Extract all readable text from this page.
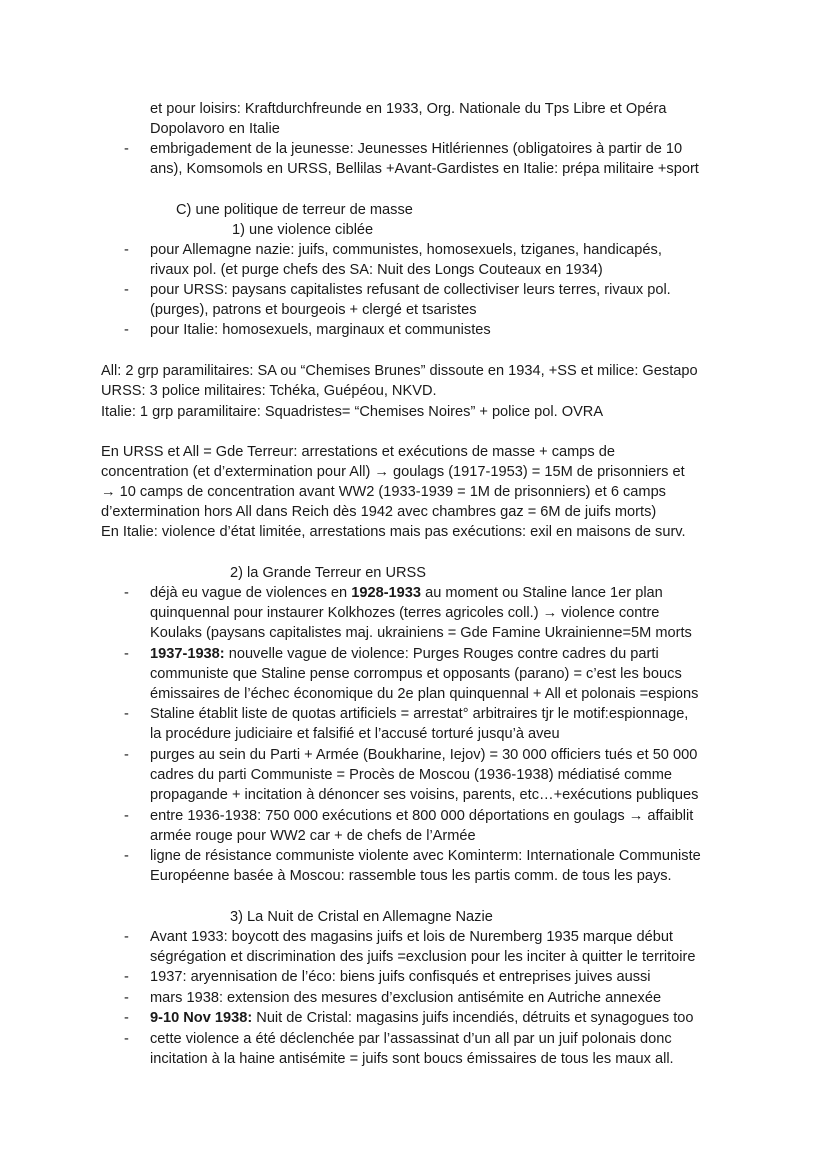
et pour loisirs: Kraftdurchfreunde en 1933, Org. Nationale du Tps Libre et Opéra
Dopolavoro en Italie
- embrigadement de la jeunesse: Jeunesses Hitlériennes (obligatoires à partir de 10
ans), Komsomols en URSS, Bellilas +Avant-Gardistes en Italie: prépa militaire +sport
C) une politique de terreur de masse
1) une violence ciblée
- pour Allemagne nazie: juifs, communistes, homosexuels, tziganes, handicapés,
rivaux pol. (et purge chefs des SA: Nuit des Longs Couteaux en 1934)
- pour URSS: paysans capitalistes refusant de collectiviser leurs terres, rivaux pol.
(purges), patrons et bourgeois + clergé et tsaristes
- pour Italie: homosexuels, marginaux et communistes
All: 2 grp paramilitaires: SA ou “Chemises Brunes” dissoute en 1934, +SS et milice: Gestapo
URSS: 3 police militaires: Tchéka, Guépéou, NKVD.
Italie: 1 grp paramilitaire: Squadristes= “Chemises Noires” + police pol. OVRA
En URSS et All = Gde Terreur: arrestations et exécutions de masse + camps de
concentration (et d’extermination pour All) → goulags (1917-1953) = 15M de prisonniers et
→ 10 camps de concentration avant WW2 (1933-1939 = 1M de prisonniers) et 6 camps
d’extermination hors All dans Reich dès 1942 avec chambres gaz = 6M de juifs morts)
En Italie: violence d’état limitée, arrestations mais pas exécutions: exil en maisons de surv.
2) la Grande Terreur en URSS
- déjà eu vague de violences en 1928-1933 au moment ou Staline lance 1er plan
quinquennal pour instaurer Kolkhozes (terres agricoles coll.) → violence contre
Koulaks (paysans capitalistes maj. ukrainiens = Gde Famine Ukrainienne=5M morts
- 1937-1938: nouvelle vague de violence: Purges Rouges contre cadres du parti
communiste que Staline pense corrompus et opposants (parano) = c’est les boucs
émissaires de l’échec économique du 2e plan quinquennal + All et polonais =espions
- Staline établit liste de quotas artificiels = arrestat° arbitraires tjr le motif:espionnage,
la procédure judiciaire et falsifié et l’accusé torturé jusqu’à aveu
- purges au sein du Parti + Armée (Boukharine, Iejov) = 30 000 officiers tués et 50 000
cadres du parti Communiste = Procès de Moscou (1936-1938) médiatisé comme
propagande + incitation à dénoncer ses voisins, parents, etc…+exécutions publiques
- entre 1936-1938: 750 000 exécutions et 800 000 déportations en goulags → affaiblit
armée rouge pour WW2 car + de chefs de l’Armée
- ligne de résistance communiste violente avec Kominterm: Internationale Communiste
Européenne basée à Moscou: rassemble tous les partis comm. de tous les pays.
3) La Nuit de Cristal en Allemagne Nazie
- Avant 1933: boycott des magasins juifs et lois de Nuremberg 1935 marque début
ségrégation et discrimination des juifs =exclusion pour les inciter à quitter le territoire
- 1937: aryennisation de l’éco: biens juifs confisqués et entreprises juives aussi
- mars 1938: extension des mesures d’exclusion antisémite en Autriche annexée
- 9-10 Nov 1938: Nuit de Cristal: magasins juifs incendiés, détruits et synagogues too
- cette violence a été déclenchée par l’assassinat d’un all par un juif polonais donc
incitation à la haine antisémite = juifs sont boucs émissaires de tous les maux all.
